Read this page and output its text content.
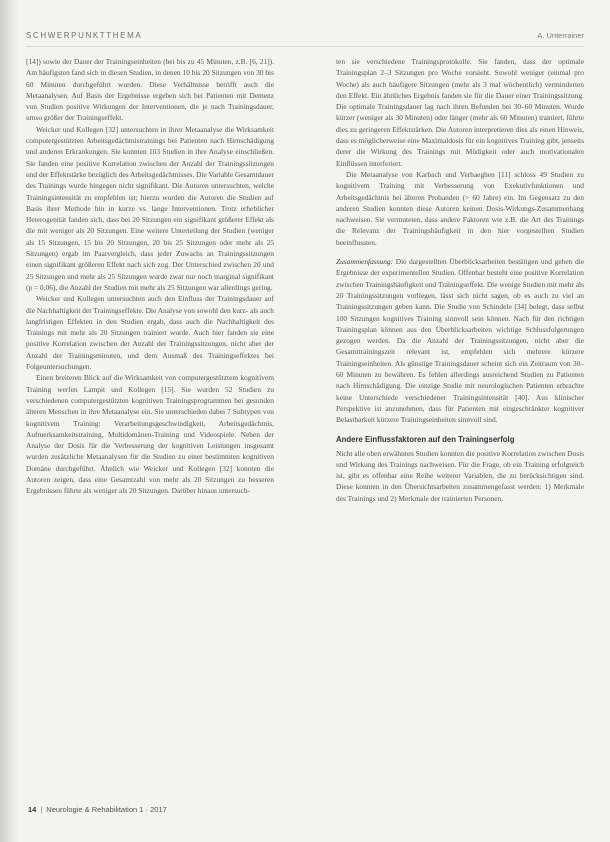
SCHWERPUNKTTHEMA	A. Unterrainer

[14]) sowie der Dauer der Trainingseinheiten (bei bis zu 45 Minuten, z.B. [6, 21]). Am häufigsten fand sich in diesen Studien, in denen 10 bis 20 Sitzungen von 30 bis 60 Minuten durchgeführt wurden. Diese Verhältnisse betrifft auch die Metaanalysen. Auf Basis der Ergebnisse ergeben sich bei Patienten mit Demenz von Studien positive Wirkungen der Interventionen, die je nach Trainingsdauer, umso größer der Trainingseffekt.

Weicker und Kollegen [32] untersuchten in ihrer Metaanalyse die Wirksamkeit computergestützten Arbeitsgedächtnistrainings bei Patienten nach Hirnschädigung und anderen Erkrankungen. Sie konnten 103 Studien in ihre Analyse einschließen. Sie fanden eine positive Korrelation zwischen der Anzahl der Trainingssitzungen und der Effektstärke bezüglich des Arbeitsgedächtnisses. Die Variable Gesamtdauer des Trainings wurde hingegen nicht signifikant. Die Autoren untersuchten, welche Trainingsintensität zu empfehlen ist; hierzu wurden die Autoren die Studien auf Basis ihrer Methode hin in kurze vs. lange Interventionen. Trotz erheblicher Heterogenität fanden sich, dass bei 20 Sitzungen ein signifikant größerer Effekt als die mit weniger als 20 Sitzungen. Eine weitere Unterteilung der Studien (weniger als 15 Sitzungen, 15 bis 20 Sitzungen, 20 bis 25 Sitzungen oder mehr als 25 Sitzungen) ergab im Paarvergleich, dass jeder Zuwachs an Trainingssitzungen einen signifikant größeren Effekt nach sich zog. Der Unterschied zwischen 20 und 25 Sitzungen und mehr als 25 Sitzungen wurde zwar nur noch marginal signifikant (p = 0,06), die Anzahl der Studien mit mehr als 25 Sitzungen war allerdings gering.

Weicker und Kollegen untersuchten auch den Einfluss der Trainingsdauer auf die Nachhaltigkeit der Trainingseffekte. Die Analyse von sowohl den kurz- als auch langfristigen Effekten in den Studien ergab, dass auch die Nachhaltigkeit des Trainings mit mehr als 20 Sitzungen trainiert wurde. Auch hier fanden sie eine positive Korrelation zwischen der Anzahl der Trainingssitzungen, nicht aber der Anzahl der Trainingsminuten, und dem Ausmaß des Trainingseffektes bei Folgeuntersuchungen.

Einen breiteren Blick auf die Wirksamkeit von computergestütztem kognitivem Training werfen Lampit und Kollegen [15]. Sie wurden 52 Studien zu verschiedenen computergestützten kognitiven Trainingsprogrammen bei gesunden älteren Menschen in ihre Metaanalyse ein. Sie unterschieden dabei 7 Subtypen von kognitivem Training: Verarbeitungsgeschwindigkeit, Arbeitsgedächtnis, Aufmerksamkeitstraining, Multidomänen-Training und Videospiele. Neben der Analyse der Dosis für die Verbesserung der kognitiven Leistungen insgesamt wurden zusätzliche Metaanalysen für die Studien zu einer bestimmten kognitiven Domäne durchgeführt. Ähnlich wie Weicker und Kollegen [32] konnten die Autoren zeigen, dass eine Gesamtzahl von mehr als 20 Sitzungen zu besseren Ergebnissen führte als weniger als 20 Sitzungen. Darüber hinaus untersuch-

ten sie verschiedene Trainingsprotokolle. Sie fanden, dass der optimale Trainingsplan 2–3 Sitzungen pro Woche vorsieht. Sowohl weniger (einmal pro Woche) als auch häufigere Sitzungen (mehr als 3 mal wöchentlich) verminderten den Effekt. Ein ähnliches Ergebnis fanden sie für die Dauer einer Trainingssitzung. Die optimale Trainingsdauer lag nach ihren Befunden bei 30–60 Minuten. Wurde kürzer (weniger als 30 Minuten) oder länger (mehr als 60 Minuten) trainiert, führte dies zu geringeren Effektstärken. Die Autoren interpretieren dies als einen Hinweis, dass es möglicherweise eine Maximaldosis für ein kognitives Training gibt, jenseits derer die Wirkung des Trainings mit Müdigkeit oder auch motivationalen Einflüssen interferiert.

Die Metaanalyse von Karbach und Verhaeghen [11] schloss 49 Studien zu kognitivem Training mit Verbesserung von Exekutivfunktionen und Arbeitsgedächtnis bei älteren Probanden (> 60 Jahre) ein. Im Gegensatz zu den anderen Studien konnten diese Autoren keinen Dosis-Wirkungs-Zusammenhang nachweisen. Sie vermuteten, dass andere Faktoren wie z.B. die Art des Trainings die Relevanz der Trainingshäufigkeit in den hier vorgestellten Studien beeinflussten.

Zusammenfassung: Die dargestellten Überblicksarbeiten bestätigen und gehen die Ergebnisse der experimentellen Studien. Offenbar besteht eine positive Korrelation zwischen Trainingshäufigkeit und Trainingseffekt. Die wenige Studien mit mehr als 20 Trainingssitzungen vorliegen, lässt sich nicht sagen, ob es auch zu viel an Trainingssitzungen geben kann. Die Studie von Schindele [34] belegt, dass selbst 100 Sitzungen kognitives Training sinnvoll sein können. Nach für den richtigen Trainingsplan können aus den Überblicksarbeiten wichtige Schlussfolgerungen gezogen werden. Da die Anzahl der Trainingssitzungen, nicht aber die Gesamttrainingszeit relevant ist, empfehlen sich mehrere kürzere Trainingseinheiten. Als günstige Trainingsdauer scheint sich ein Zeitraum von 30–60 Minuten zu bewähren. Es fehlen allerdings ausreichend Studien zu Patienten nach Hirnschädigung. Die einzige Studie mit neurologischen Patienten erbrachte keine Unterschiede verschiedener Trainingsintensität [40]. Aus klinischer Perspektive ist anzunehmen, dass für Patienten mit eingeschränkter kognitiver Belastbarkeit kürzere Trainingseinheiten sinnvoll sind.

Andere Einflussfaktoren auf den Trainingserfolg

Nicht alle oben erwähnten Studien konnten die positive Korrelation zwischen Dosis und Wirkung des Trainings nachweisen. Für die Frage, ob ein Training erfolgreich ist, gibt es offenbar eine Reihe weiterer Variablen, die zu berücksichtigen sind. Diese konnten in den Übersichtsarbeiten zusammengefasst werden: 1) Merkmale des Trainings und 2) Merkmale der trainierten Personen.

14 | Neurologie & Rehabilitation 1 · 2017
